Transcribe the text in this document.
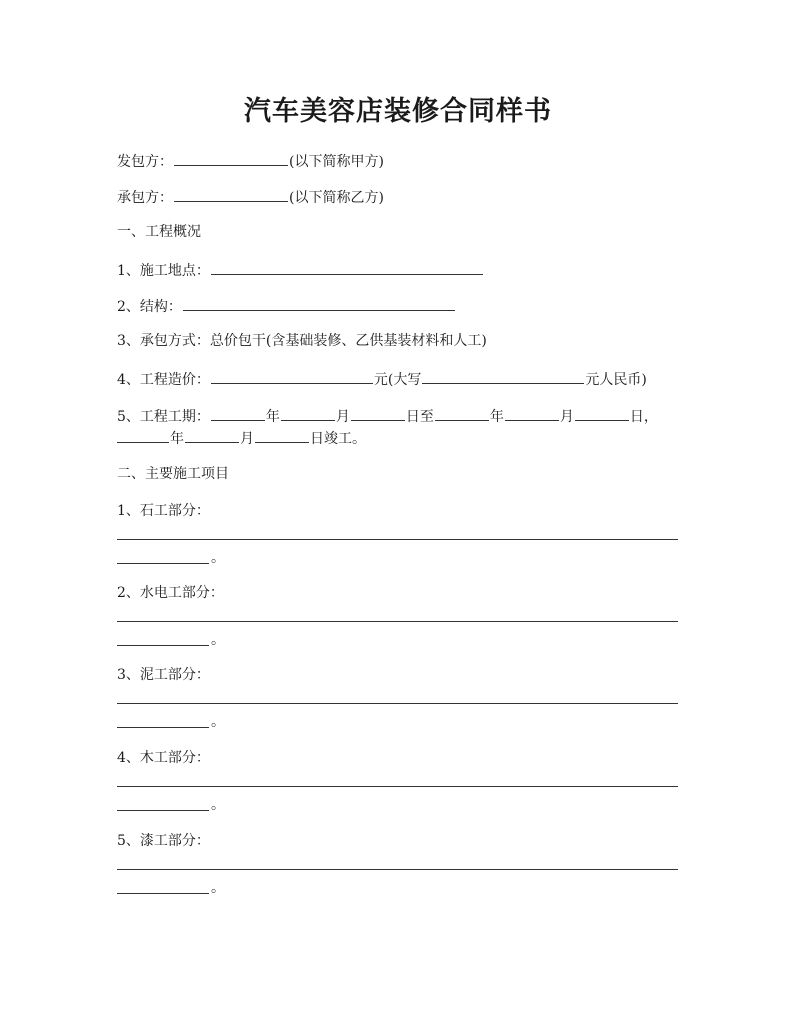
汽车美容店装修合同样书
发包方：	(以下简称甲方)
承包方：	(以下简称乙方)
一、工程概况
1、施工地点：
2、结构：
3、承包方式：总价包干(含基础装修、乙供基装材料和人工)
4、工程造价：	元(大写	元人民币)
5、工程工期：	年	月	日至	年	月	日，
年	月	日竣工。
二、主要施工项目
1、石工部分：
。
2、水电工部分：
。
3、泥工部分：
。
4、木工部分：
。
5、漆工部分：
。
